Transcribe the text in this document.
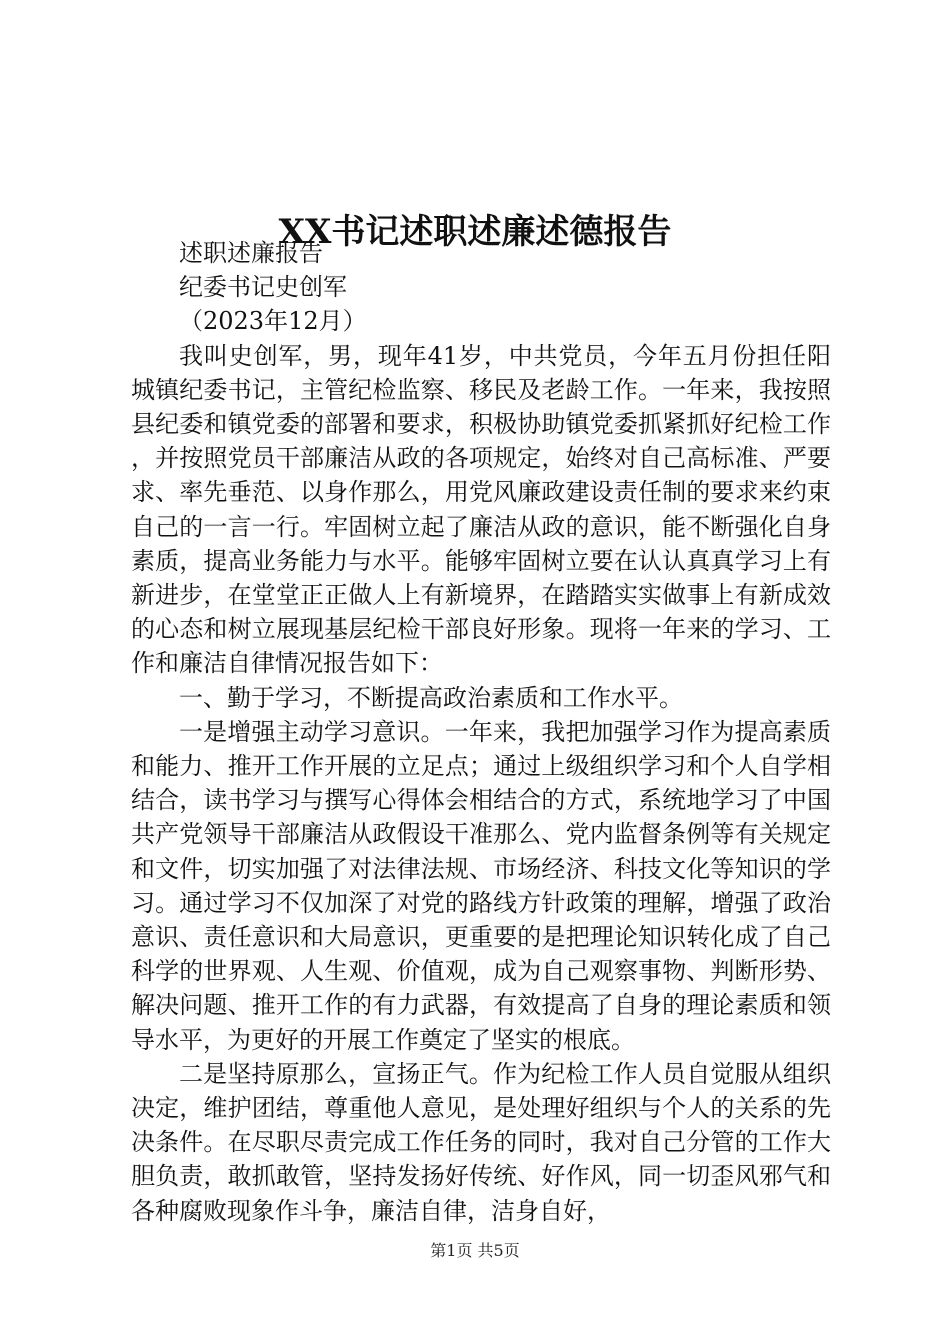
XX书记述职述廉述德报告

述职述廉报告

纪委书记史创军

（2023年12月）

我叫史创军，男，现年41岁，中共党员，今年五月份担任阳城镇纪委书记，主管纪检监察、移民及老龄工作。一年来，我按照县纪委和镇党委的部署和要求，积极协助镇党委抓紧抓好纪检工作，并按照党员干部廉洁从政的各项规定，始终对自己高标准、严要求、率先垂范、以身作那么，用党风廉政建设责任制的要求来约束自己的一言一行。牢固树立起了廉洁从政的意识，能不断强化自身素质，提高业务能力与水平。能够牢固树立要在认认真真学习上有新进步，在堂堂正正做人上有新境界，在踏踏实实做事上有新成效的心态和树立展现基层纪检干部良好形象。现将一年来的学习、工作和廉洁自律情况报告如下：

一、勤于学习，不断提高政治素质和工作水平。

一是增强主动学习意识。一年来，我把加强学习作为提高素质和能力、推开工作开展的立足点；通过上级组织学习和个人自学相结合，读书学习与撰写心得体会相结合的方式，系统地学习了中国共产党领导干部廉洁从政假设干准那么、党内监督条例等有关规定和文件，切实加强了对法律法规、市场经济、科技文化等知识的学习。通过学习不仅加深了对党的路线方针政策的理解，增强了政治意识、责任意识和大局意识，更重要的是把理论知识转化成了自己科学的世界观、人生观、价值观，成为自己观察事物、判断形势、解决问题、推开工作的有力武器，有效提高了自身的理论素质和领导水平，为更好的开展工作奠定了坚实的根底。

二是坚持原那么，宣扬正气。作为纪检工作人员自觉服从组织决定，维护团结，尊重他人意见，是处理好组织与个人的关系的先决条件。在尽职尽责完成工作任务的同时，我对自己分管的工作大胆负责，敢抓敢管，坚持发扬好传统、好作风，同一切歪风邪气和各种腐败现象作斗争，廉洁自律，洁身自好，

第1页 共5页
